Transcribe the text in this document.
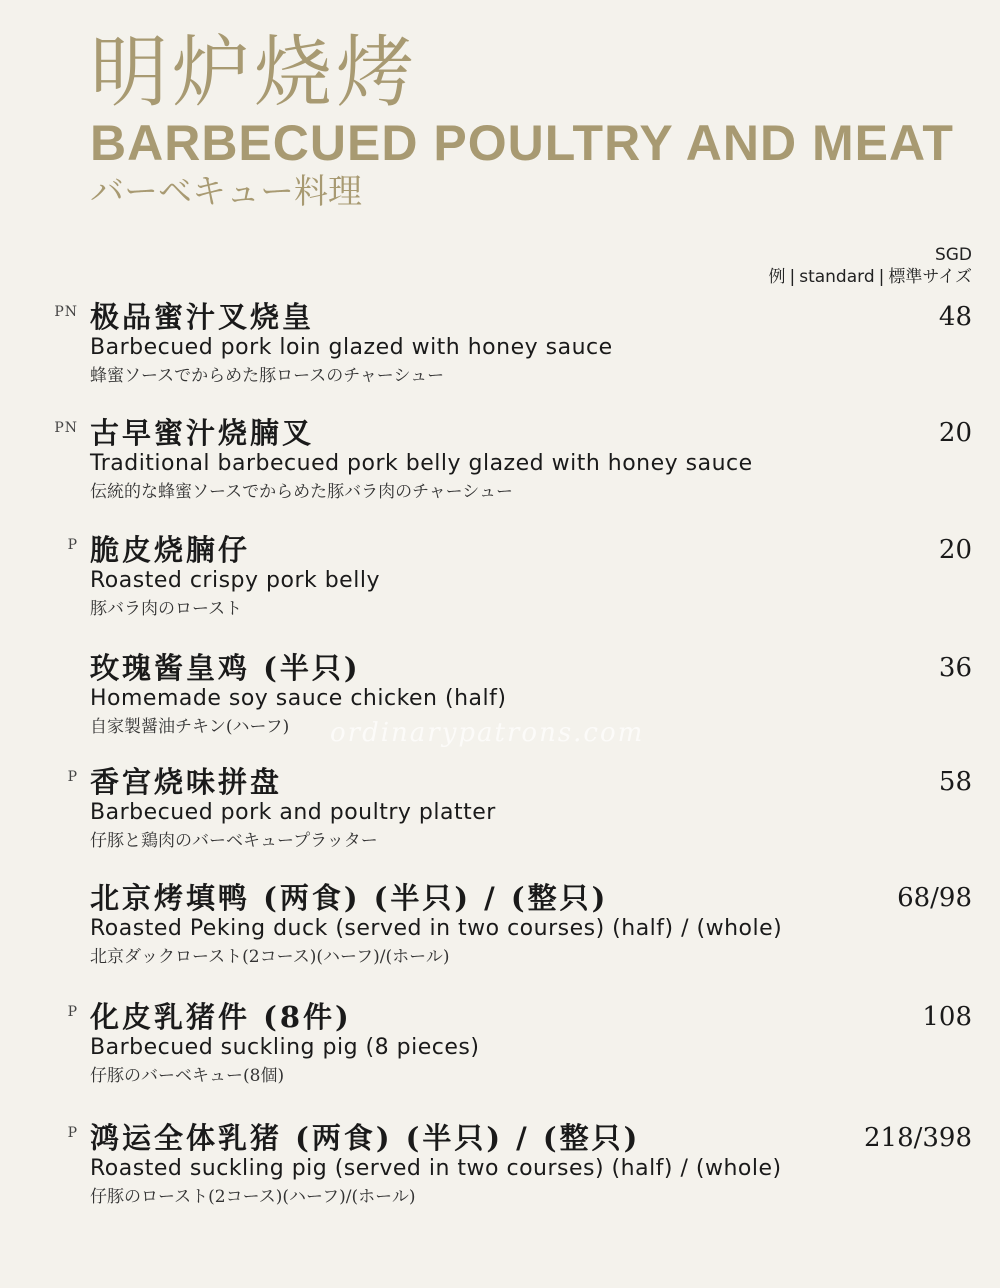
明炉烧烤
BARBECUED POULTRY AND MEAT
バーベキュー料理
SGD
例 | standard | 標準サイズ
PN 极品蜜汁叉烧皇
Barbecued pork loin glazed with honey sauce
蜂蜜ソースでからめた豚ロースのチャーシュー
48
PN 古早蜜汁烧腩叉
Traditional barbecued pork belly glazed with honey sauce
伝統的な蜂蜜ソースでからめた豚バラ肉のチャーシュー
20
P 脆皮烧腩仔
Roasted crispy pork belly
豚バラ肉のロースト
20
玫瑰酱皇鸡 (半只)
Homemade soy sauce chicken (half)
自家製醤油チキン(ハーフ)
36
P 香宫烧味拼盘
Barbecued pork and poultry platter
仔豚と鶏肉のバーベキュープラッター
58
北京烤填鸭 (两食) (半只) / (整只)
Roasted Peking duck (served in two courses) (half) / (whole)
北京ダックロースト(2コース)(ハーフ)/(ホール)
68/98
P 化皮乳猪件 (8件)
Barbecued suckling pig (8 pieces)
仔豚のバーベキュー(8個)
108
P 鸿运全体乳猪 (两食) (半只) / (整只)
Roasted suckling pig (served in two courses) (half) / (whole)
仔豚のロースト(2コース)(ハーフ)/(ホール)
218/398
ordinarypatrons.com
